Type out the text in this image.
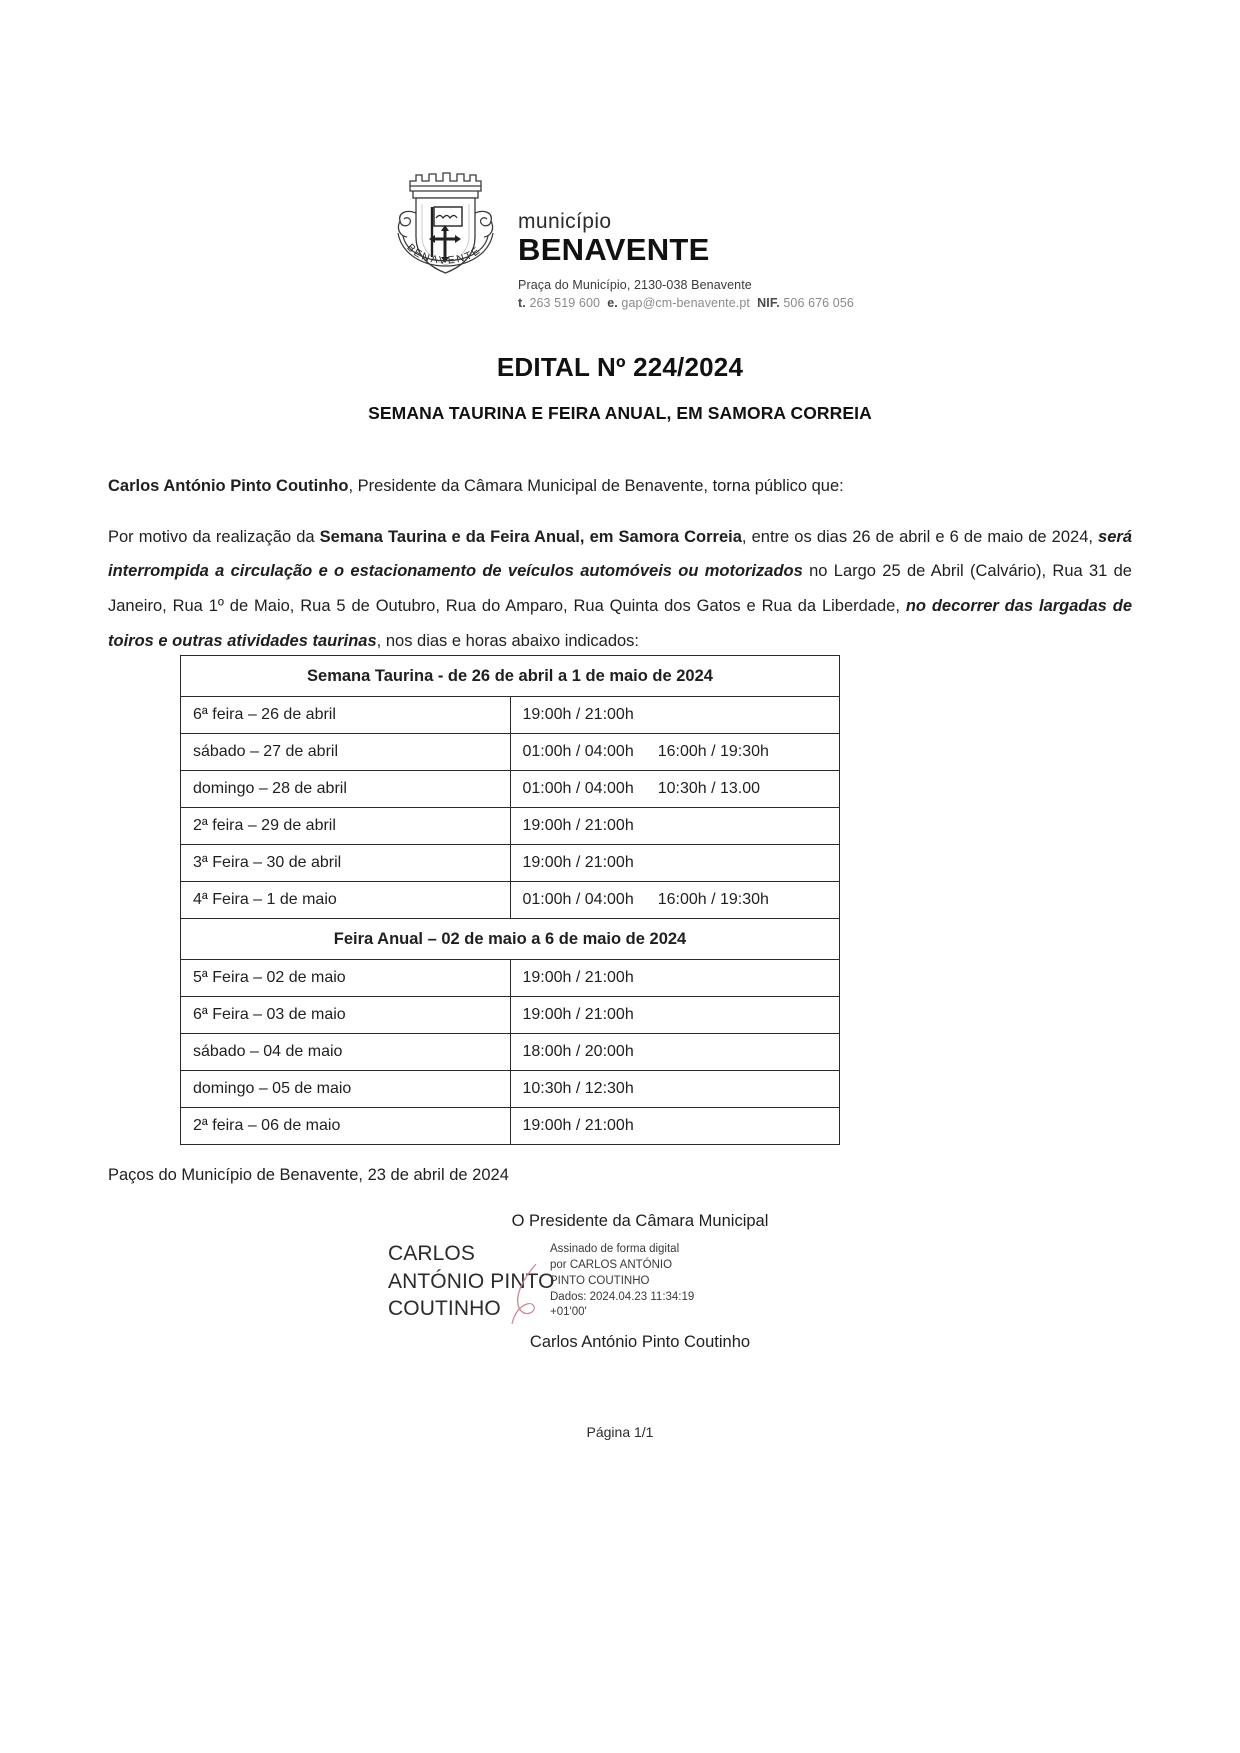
BENAVENTE
município
BENAVENTE
Praça do Município, 2130-038 Benavente
t. 263 519 600 e. gap@cm-benavente.pt NIF. 506 676 056
EDITAL Nº 224/2024
SEMANA TAURINA E FEIRA ANUAL, EM SAMORA CORREIA

Carlos António Pinto Coutinho, Presidente da Câmara Municipal de Benavente, torna público que:

Por motivo da realização da Semana Taurina e da Feira Anual, em Samora Correia, entre os dias 26 de abril e 6 de maio de 2024, será interrompida a circulação e o estacionamento de veículos automóveis ou motorizados no Largo 25 de Abril (Calvário), Rua 31 de Janeiro, Rua 1º de Maio, Rua 5 de Outubro, Rua do Amparo, Rua Quinta dos Gatos e Rua da Liberdade, no decorrer das largadas de toiros e outras atividades taurinas, nos dias e horas abaixo indicados:

Semana Taurina - de 26 de abril a 1 de maio de 2024	
6ª feira – 26 de abril	19:00h / 21:00h
sábado – 27 de abril	01:00h / 04:00h 16:00h / 19:30h
domingo – 28 de abril	01:00h / 04:00h 10:30h / 13.00
2ª feira – 29 de abril	19:00h / 21:00h
3ª Feira – 30 de abril	19:00h / 21:00h
4ª Feira – 1 de maio	01:00h / 04:00h 16:00h / 19:30h
Feira Anual – 02 de maio a 6 de maio de 2024	
5ª Feira – 02 de maio	19:00h / 21:00h
6ª Feira – 03 de maio	19:00h / 21:00h
sábado – 04 de maio	18:00h / 20:00h
domingo – 05 de maio	10:30h / 12:30h
2ª feira – 06 de maio	19:00h / 21:00h
Paços do Município de Benavente, 23 de abril de 2024
O Presidente da Câmara Municipal
CARLOS ANTÓNIO PINTO COUTINHO
Assinado de forma digital
por CARLOS ANTÓNIO
PINTO COUTINHO
Dados: 2024.04.23 11:34:19
+01'00'
Carlos António Pinto Coutinho
Página 1/1
